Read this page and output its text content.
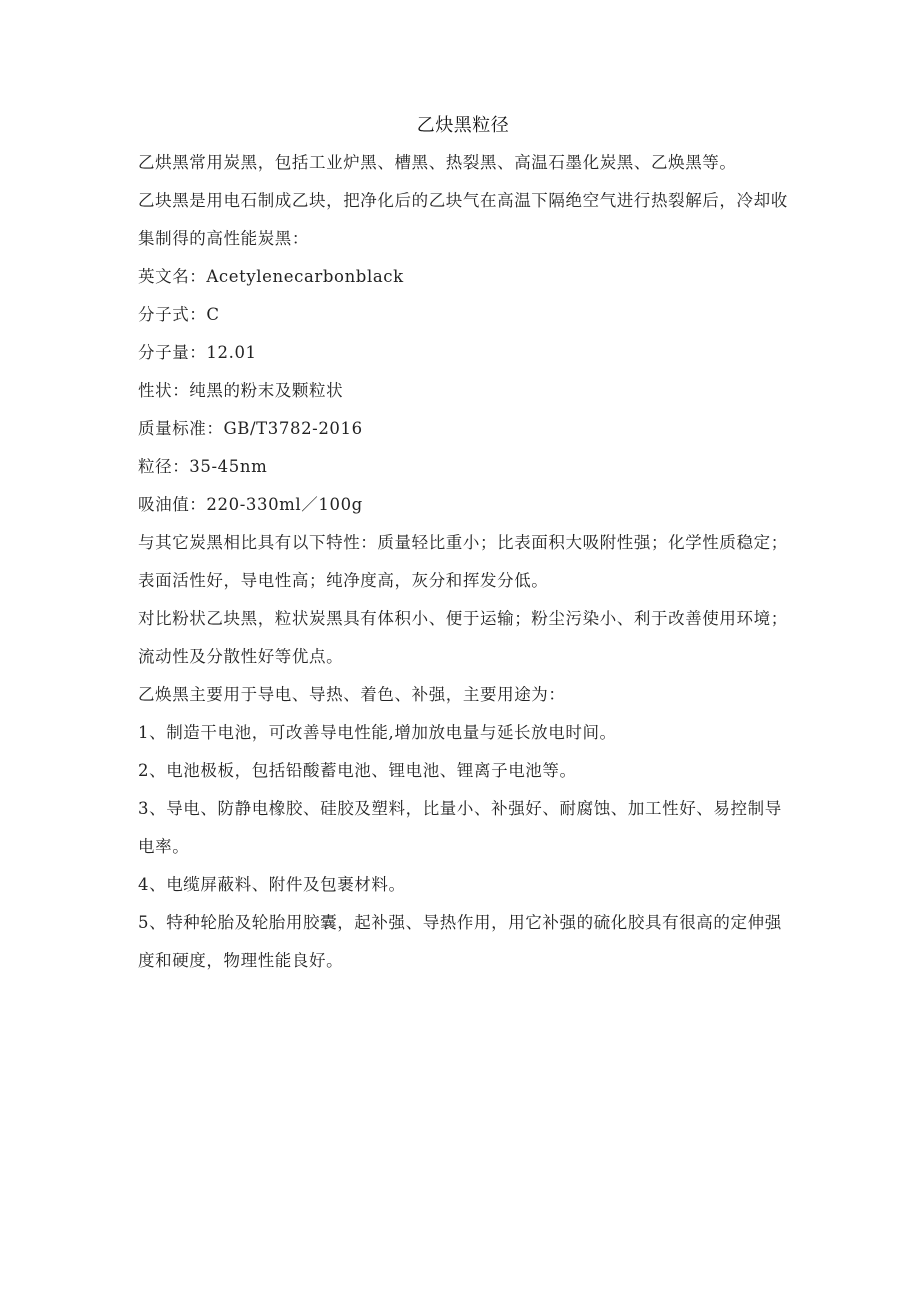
乙炔黑粒径

乙烘黑常用炭黑，包括工业炉黑、槽黑、热裂黑、高温石墨化炭黑、乙焕黑等。

乙块黑是用电石制成乙块，把净化后的乙块气在高温下隔绝空气进行热裂解后，冷却收集制得的高性能炭黑：

英文名：Acetylenecarbonblack

分子式：C

分子量：12.01

性状：纯黑的粉末及颗粒状

质量标准：GB/T3782-2016

粒径：35-45nm

吸油值：220-330ml／100g

与其它炭黑相比具有以下特性：质量轻比重小；比表面积大吸附性强；化学性质稳定；表面活性好，导电性高；纯净度高，灰分和挥发分低。

对比粉状乙块黑，粒状炭黑具有体积小、便于运输；粉尘污染小、利于改善使用环境；流动性及分散性好等优点。

乙焕黑主要用于导电、导热、着色、补强，主要用途为：

1、制造干电池，可改善导电性能,增加放电量与延长放电时间。

2、电池极板，包括铅酸蓄电池、锂电池、锂离子电池等。

3、导电、防静电橡胶、硅胶及塑料，比量小、补强好、耐腐蚀、加工性好、易控制导电率。

4、电缆屏蔽料、附件及包裹材料。

5、特种轮胎及轮胎用胶囊，起补强、导热作用，用它补强的硫化胶具有很高的定伸强度和硬度，物理性能良好。
